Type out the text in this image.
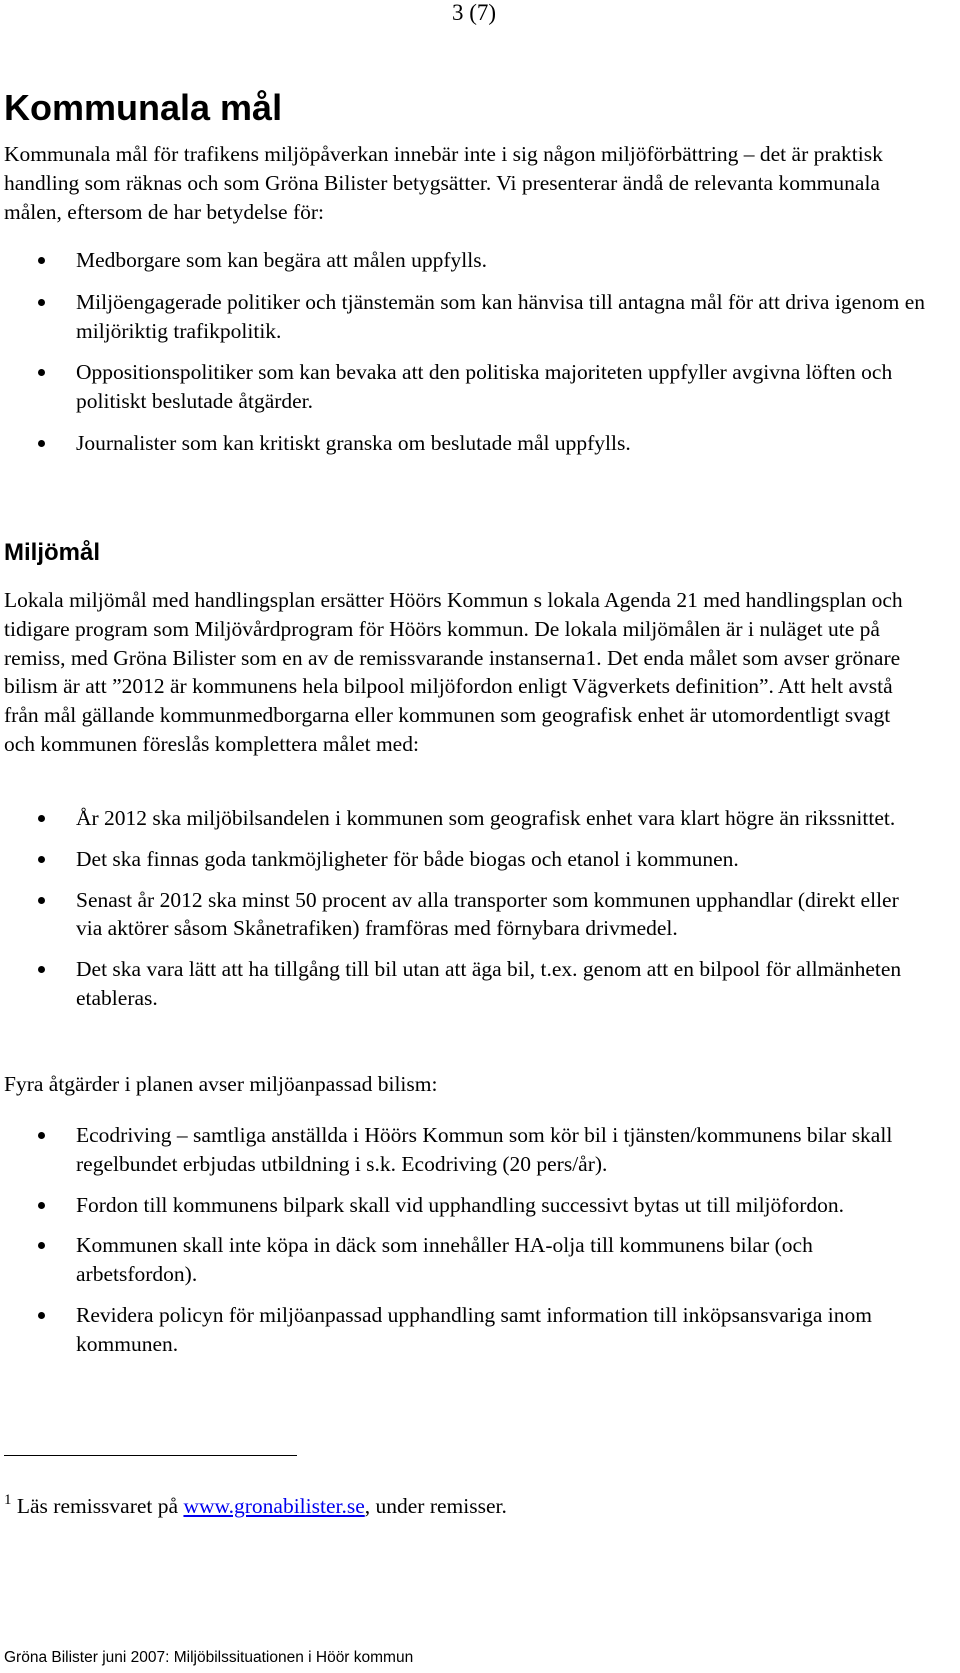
3 (7)
Kommunala mål

Kommunala mål för trafikens miljöpåverkan innebär inte i sig någon miljöförbättring – det är praktisk handling som räknas och som Gröna Bilister betygsätter. Vi presenterar ändå de relevanta kommunala målen, eftersom de har betydelse för:

Medborgare som kan begära att målen uppfylls.
Miljöengagerade politiker och tjänstemän som kan hänvisa till antagna mål för att driva igenom en miljöriktig trafikpolitik.
Oppositionspolitiker som kan bevaka att den politiska majoriteten uppfyller avgivna löften och politiskt beslutade åtgärder.
Journalister som kan kritiskt granska om beslutade mål uppfylls.
Miljömål

Lokala miljömål med handlingsplan ersätter Höörs Kommun s lokala Agenda 21 med handlingsplan och tidigare program som Miljövårdprogram för Höörs kommun. De lokala miljömålen är i nuläget ute på remiss, med Gröna Bilister som en av de remissvarande instanserna1. Det enda målet som avser grönare bilism är att ”2012 är kommunens hela bilpool miljöfordon enligt Vägverkets definition”. Att helt avstå från mål gällande kommunmedborgarna eller kommunen som geografisk enhet är utomordentligt svagt och kommunen föreslås komplettera målet med:

År 2012 ska miljöbilsandelen i kommunen som geografisk enhet vara klart högre än rikssnittet.
Det ska finnas goda tankmöjligheter för både biogas och etanol i kommunen.
Senast år 2012 ska minst 50 procent av alla transporter som kommunen upphandlar (direkt eller via aktörer såsom Skånetrafiken) framföras med förnybara drivmedel.
Det ska vara lätt att ha tillgång till bil utan att äga bil, t.ex. genom att en bilpool för allmänheten etableras.

Fyra åtgärder i planen avser miljöanpassad bilism:

Ecodriving – samtliga anställda i Höörs Kommun som kör bil i tjänsten/kommunens bilar skall regelbundet erbjudas utbildning i s.k. Ecodriving (20 pers/år).
Fordon till kommunens bilpark skall vid upphandling successivt bytas ut till miljöfordon.
Kommunen skall inte köpa in däck som innehåller HA-olja till kommunens bilar (och arbetsfordon).
Revidera policyn för miljöanpassad upphandling samt information till inköpsansvariga inom kommunen.

$^1$ Läs remissvaret på www.gronabilister.se, under remisser.

Gröna Bilister juni 2007: Miljöbilssituationen i Höör kommun
